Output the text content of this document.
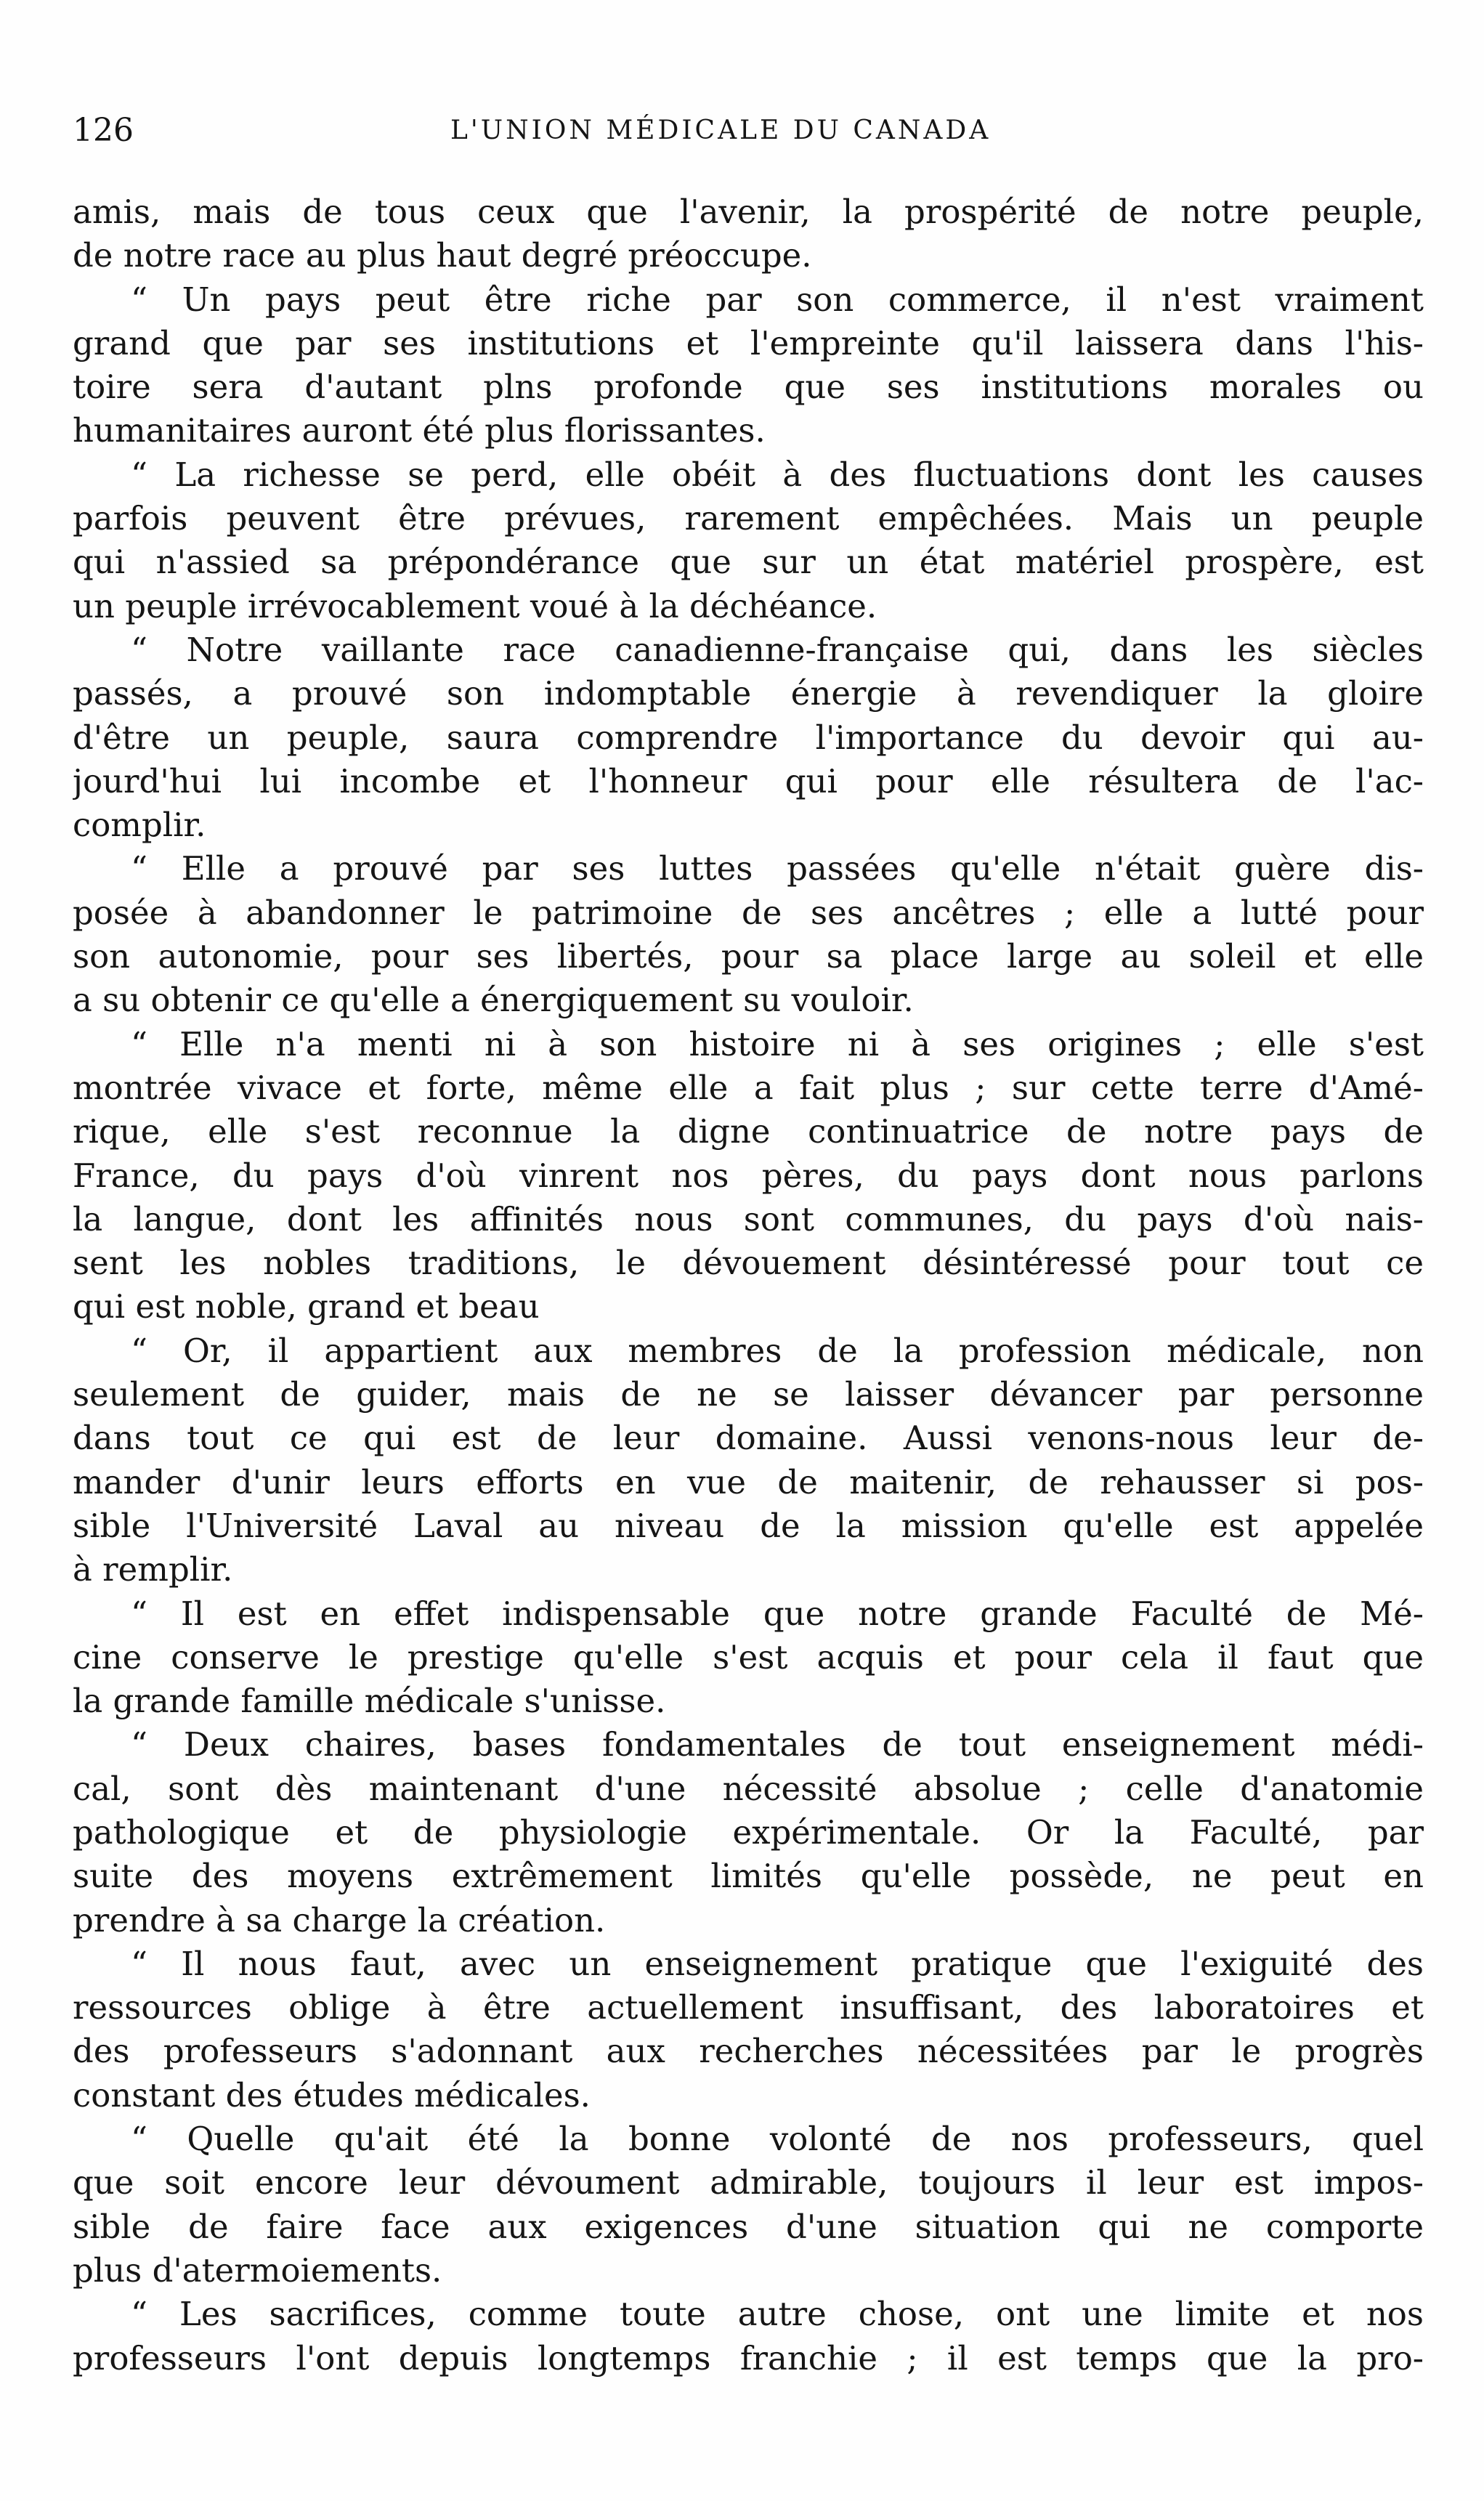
126	L'UNION MÉDICALE DU CANADA
amis, mais de tous ceux que l'avenir, la prospérité de notre peuple,
de notre race au plus haut degré préoccupe.
“ Un pays peut être riche par son commerce, il n'est vraiment
grand que par ses institutions et l'empreinte qu'il laissera dans l'his-
toire sera d'autant plns profonde que ses institutions morales ou
humanitaires auront été plus florissantes.
“ La richesse se perd, elle obéit à des fluctuations dont les causes
parfois peuvent être prévues, rarement empêchées. Mais un peuple
qui n'assied sa prépondérance que sur un état matériel prospère, est
un peuple irrévocablement voué à la déchéance.
“ Notre vaillante race canadienne-française qui, dans les siècles
passés, a prouvé son indomptable énergie à revendiquer la gloire
d'être un peuple, saura comprendre l'importance du devoir qui au-
jourd'hui lui incombe et l'honneur qui pour elle résultera de l'ac-
complir.
“ Elle a prouvé par ses luttes passées qu'elle n'était guère dis-
posée à abandonner le patrimoine de ses ancêtres ; elle a lutté pour
son autonomie, pour ses libertés, pour sa place large au soleil et elle
a su obtenir ce qu'elle a énergiquement su vouloir.
“ Elle n'a menti ni à son histoire ni à ses origines ; elle s'est
montrée vivace et forte, même elle a fait plus ; sur cette terre d'Amé-
rique, elle s'est reconnue la digne continuatrice de notre pays de
France, du pays d'où vinrent nos pères, du pays dont nous parlons
la langue, dont les affinités nous sont communes, du pays d'où nais-
sent les nobles traditions, le dévouement désintéressé pour tout ce
qui est noble, grand et beau
“ Or, il appartient aux membres de la profession médicale, non
seulement de guider, mais de ne se laisser dévancer par personne
dans tout ce qui est de leur domaine. Aussi venons-nous leur de-
mander d'unir leurs efforts en vue de maitenir, de rehausser si pos-
sible l'Université Laval au niveau de la mission qu'elle est appelée
à remplir.
“ Il est en effet indispensable que notre grande Faculté de Mé-
cine conserve le prestige qu'elle s'est acquis et pour cela il faut que
la grande famille médicale s'unisse.
“ Deux chaires, bases fondamentales de tout enseignement médi-
cal, sont dès maintenant d'une nécessité absolue ; celle d'anatomie
pathologique et de physiologie expérimentale. Or la Faculté, par
suite des moyens extrêmement limités qu'elle possède, ne peut en
prendre à sa charge la création.
“ Il nous faut, avec un enseignement pratique que l'exiguité des
ressources oblige à être actuellement insuffisant, des laboratoires et
des professeurs s'adonnant aux recherches nécessitées par le progrès
constant des études médicales.
“ Quelle qu'ait été la bonne volonté de nos professeurs, quel
que soit encore leur dévoument admirable, toujours il leur est impos-
sible de faire face aux exigences d'une situation qui ne comporte
plus d'atermoiements.
“ Les sacrifices, comme toute autre chose, ont une limite et nos
professeurs l'ont depuis longtemps franchie ; il est temps que la pro-
